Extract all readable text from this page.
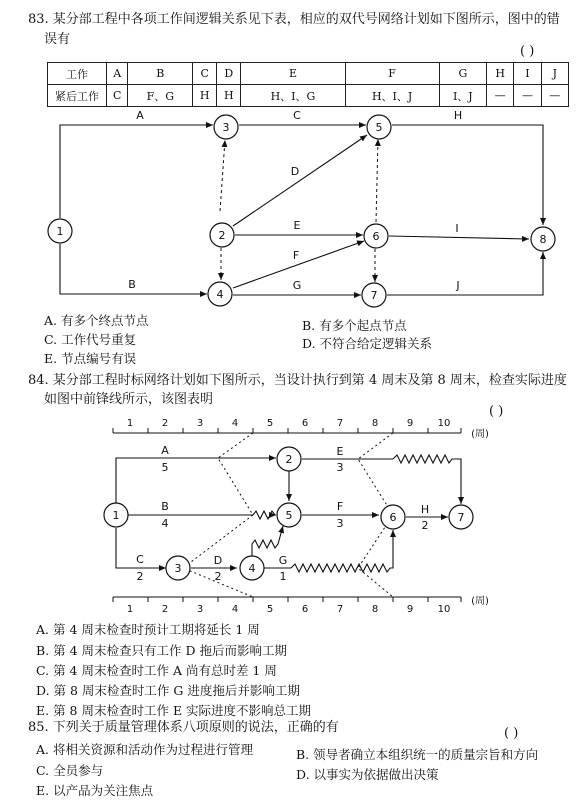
83. 某分部工程中各项工作间逻辑关系见下表，相应的双代号网络计划如下图所示，图中的错
误有
( )
工作	A	B	C	D	E	F	G	H	I	J
紧后工作	C	F、G	H	H	H、I、G	H、I、J	I、J	—	—	—
A	C	H
D
E	I
F
B	G	J
1	2
3
4
5
6
7
8
A. 有多个终点节点	B. 有多个起点节点
C. 工作代号重复	D. 不符合给定逻辑关系
E. 节点编号有误
84. 某分部工程时标网络计划如下图所示，当设计执行到第 4 周末及第 8 周末，检查实际进度
如图中前锋线所示，该图表明
( )
1	2	3	4	5	6	7	8	9 10
(周)
1	2	3	4	5	6	7	8	9 10
(周)
A
5
E
3
B
4
F
3
H
2
C
2
D
2
G
1
1
2
3	4
5	6	7
A. 第 4 周末检查时预计工期将延长 1 周
B. 第 4 周末检查只有工作 D 拖后而影响工期
C. 第 4 周末检查时工作 A 尚有总时差 1 周
D. 第 8 周末检查时工作 G 进度拖后并影响工期
E. 第 8 周末检查时工作 E 实际进度不影响总工期
85. 下列关于质量管理体系八项原则的说法，正确的有	( )
A. 将相关资源和活动作为过程进行管理	B. 领导者确立本组织统一的质量宗旨和方向
C. 全员参与	D. 以事实为依据做出决策
E. 以产品为关注焦点
